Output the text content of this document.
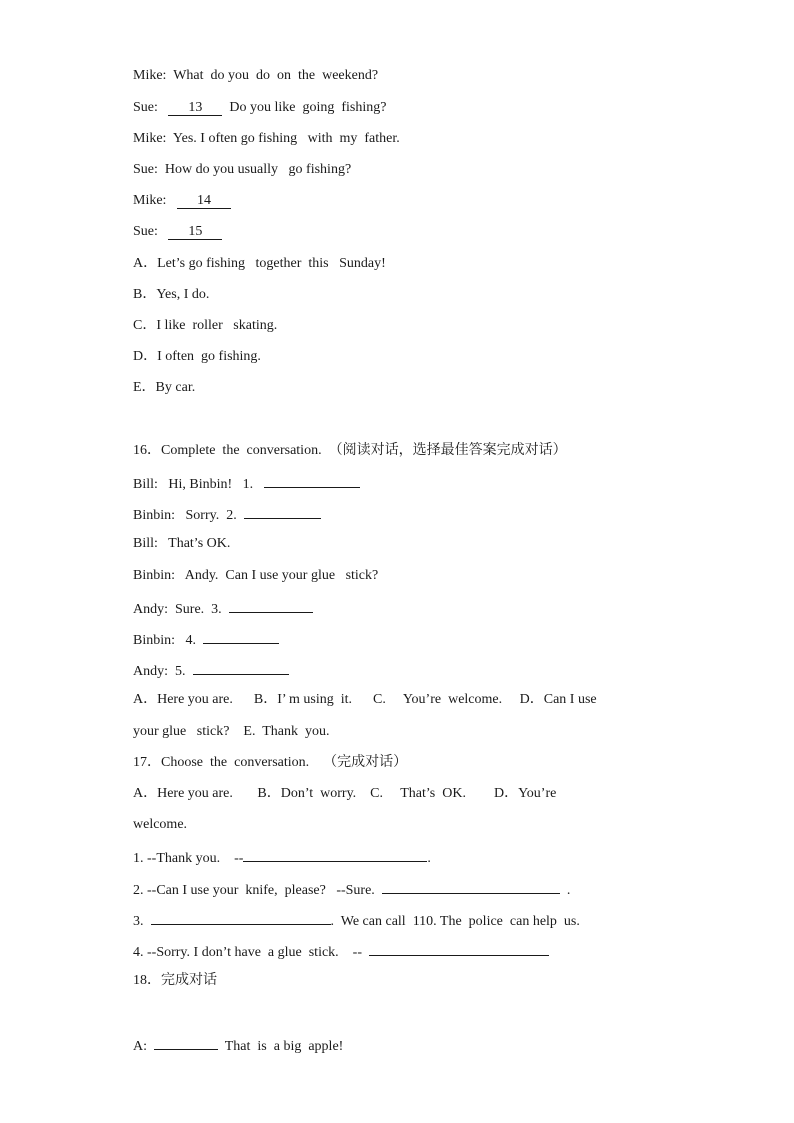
Mike:  What  do you  do  on  the  weekend?
Sue:   13  Do you like  going  fishing?
Mike:  Yes. I often go fishing   with  my  father.
Sue:  How do you usually   go fishing?
Mike:   14
Sue:   15
A．Let’s go fishing   together  this   Sunday!
B．Yes, I do.
C．I like  roller   skating.
D．I often  go fishing.
E．By car.
16．Complete  the  conversation.  （阅读对话，选择最佳答案完成对话）
Bill:   Hi, Binbin!   1.
Binbin:   Sorry.  2.
Bill:   That’s OK.
Binbin:   Andy.  Can I use your glue   stick?
Andy:  Sure.  3.
Binbin:   4.
Andy:  5.
A．Here you are.      B．I’ m using  it.      C.     You’re  welcome.     D．Can I use
your glue   stick?    E.  Thank  you.
17．Choose  the  conversation.    （完成对话）
A．Here you are.       B．Don’t  worry.    C.     That’s  OK.        D．You’re
welcome.
1. --Thank you.    --	.
2. --Can I use your  knife,  please?   --Sure.	.
3.	.  We can call  110. The  police  can help  us.
4. --Sorry. I don’t have  a glue  stick.    --
18．完成对话
A:	That  is  a big  apple!
